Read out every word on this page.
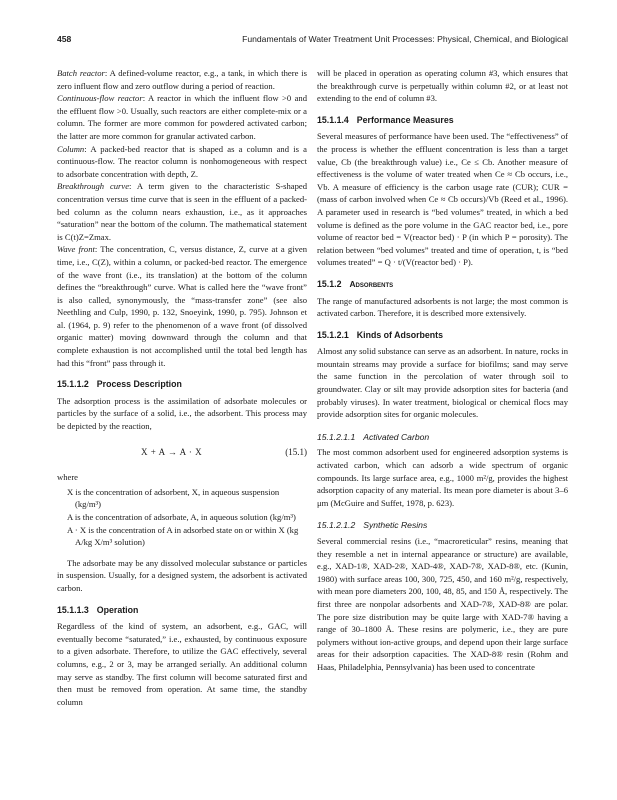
458	Fundamentals of Water Treatment Unit Processes: Physical, Chemical, and Biological

Batch reactor: A defined-volume reactor, e.g., a tank, in which there is zero influent flow and zero outflow during a period of reaction.

Continuous-flow reactor: A reactor in which the influent flow >0 and the effluent flow >0. Usually, such reactors are either complete-mix or a column. The former are more common for powdered activated carbon; the latter are more common for granular activated carbon.

Column: A packed-bed reactor that is shaped as a column and is a continuous-flow. The reactor column is nonhomogeneous with respect to adsorbate concentration with depth, Z.

Breakthrough curve: A term given to the characteristic S-shaped concentration versus time curve that is seen in the effluent of a packed-bed column as the column nears exhaustion, i.e., as it approaches “saturation” near the bottom of the column. The mathematical statement is C(t)Z=Zmax.

Wave front: The concentration, C, versus distance, Z, curve at a given time, i.e., C(Z), within a column, or packed-bed reactor. The emergence of the wave front (i.e., its translation) at the bottom of the column defines the “breakthrough” curve. What is called here the “wave front” is also called, synonymously, the “mass-transfer zone” (see also Neethling and Culp, 1990, p. 132, Snoeyink, 1990, p. 795). Johnson et al. (1964, p. 9) refer to the phenomenon of a wave front (of dissolved organic matter) moving downward through the column and that complete exhaustion is not accomplished until the total bed length has had this “front” pass through it.

15.1.1.2 Process Description

The adsorption process is the assimilation of adsorbate molecules or particles by the surface of a solid, i.e., the adsorbent. This process may be depicted by the reaction,

X + A → A · X	(15.1)

where

X is the concentration of adsorbent, X, in aqueous suspension (kg/m³)

A is the concentration of adsorbate, A, in aqueous solution (kg/m³)

A · X is the concentration of A in adsorbed state on or within X (kg A/kg X/m³ solution)

The adsorbate may be any dissolved molecular substance or particles in suspension. Usually, for a designed system, the adsorbent is activated carbon.

15.1.1.3 Operation

Regardless of the kind of system, an adsorbent, e.g., GAC, will eventually become “saturated,” i.e., exhausted, by continuous exposure to a given adsorbate. Therefore, to utilize the GAC effectively, several columns, e.g., 2 or 3, may be arranged serially. An additional column may serve as standby. The first column will become saturated first and then must be removed from operation. At same time, the standby column

will be placed in operation as operating column #3, which ensures that the breakthrough curve is perpetually within column #2, or at least not extending to the end of column #3.

15.1.1.4 Performance Measures

Several measures of performance have been used. The “effectiveness” of the process is whether the effluent concentration is less than a target value, Cb (the breakthrough value) i.e., Ce ≤ Cb. Another measure of effectiveness is the volume of water treated when Ce ≈ Cb occurs, i.e., Vb. A measure of efficiency is the carbon usage rate (CUR); CUR = (mass of carbon involved when Ce ≈ Cb occurs)/Vb (Reed et al., 1996). A parameter used in research is “bed volumes” treated, in which a bed volume is defined as the pore volume in the GAC reactor bed, i.e., pore volume of reactor bed = V(reactor bed) · P (in which P = porosity). The relation between “bed volumes” treated and time of operation, t, is “bed volumes treated” = Q · t/(V(reactor bed) · P).

15.1.2 Adsorbents

The range of manufactured adsorbents is not large; the most common is activated carbon. Therefore, it is described more extensively.

15.1.2.1 Kinds of Adsorbents

Almost any solid substance can serve as an adsorbent. In nature, rocks in mountain streams may provide a surface for biofilms; sand may serve the same function in the percolation of water through soil to groundwater. Clay or silt may provide adsorption sites for bacteria (and probably viruses). In water treatment, biological or chemical flocs may provide adsorption sites for organic molecules.

15.1.2.1.1 Activated Carbon

The most common adsorbent used for engineered adsorption systems is activated carbon, which can adsorb a wide spectrum of organic compounds. Its large surface area, e.g., 1000 m²/g, provides the highest adsorption capacity of any material. Its mean pore diameter is about 3–6 μm (McGuire and Suffet, 1978, p. 623).

15.1.2.1.2 Synthetic Resins

Several commercial resins (i.e., “macroreticular” resins, meaning that they resemble a net in internal appearance or structure) are available, e.g., XAD-1®, XAD-2®, XAD-4®, XAD-7®, XAD-8®, etc. (Kunin, 1980) with surface areas 100, 300, 725, 450, and 160 m²/g, respectively, with mean pore diameters 200, 100, 48, 85, and 150 Å, respectively. The first three are nonpolar adsorbents and XAD-7®, XAD-8® are polar. The pore size distribution may be quite large with XAD-7® having a range of 30–1800 Å. These resins are polymeric, i.e., they are pure polymers without ion-active groups, and depend upon their large surface areas for their adsorption capacities. The XAD-8® resin (Rohm and Haas, Philadelphia, Pennsylvania) has been used to concentrate
